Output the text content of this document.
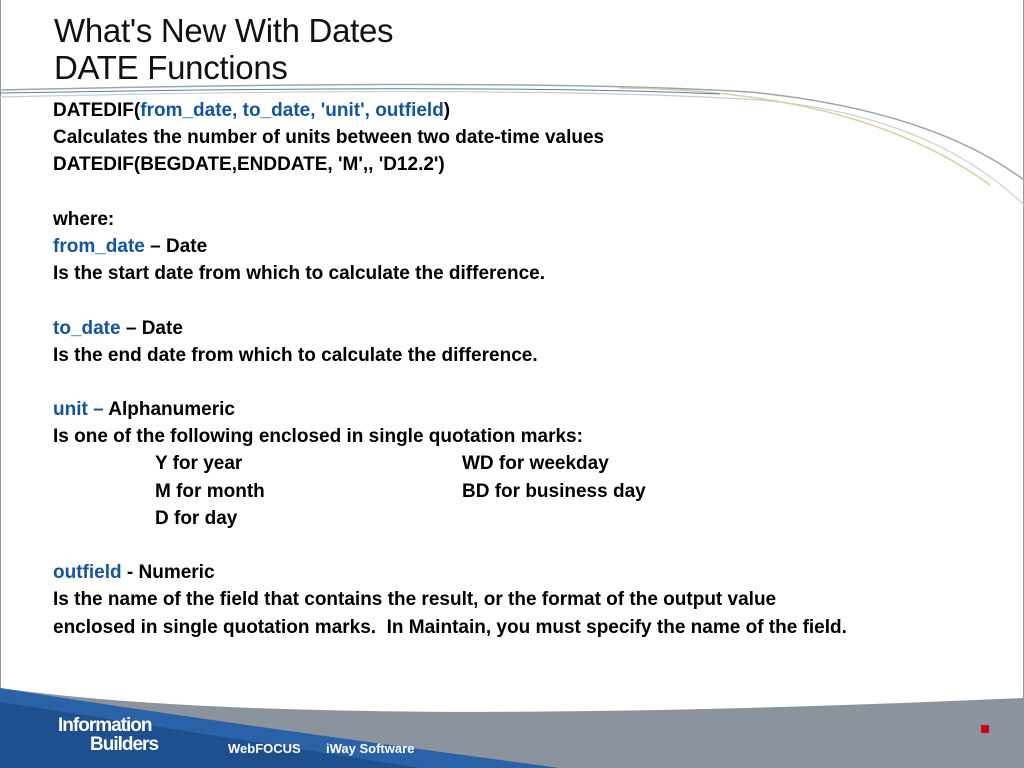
What's New With Dates
DATE Functions
DATEDIF(from_date, to_date, 'unit', outfield)
Calculates the number of units between two date-time values
DATEDIF(BEGDATE,ENDDATE, 'M',, 'D12.2')
where:
from_date – Date
Is the start date from which to calculate the difference.
to_date – Date
Is the end date from which to calculate the difference.
unit – Alphanumeric
Is one of the following enclosed in single quotation marks:
Y for year	WD for weekday
M for month	BD for business day
D for day
outfield - Numeric
Is the name of the field that contains the result, or the format of the output value
enclosed in single quotation marks.  In Maintain, you must specify the name of the field.
Information
Builders	WebFOCUS iWay Software
